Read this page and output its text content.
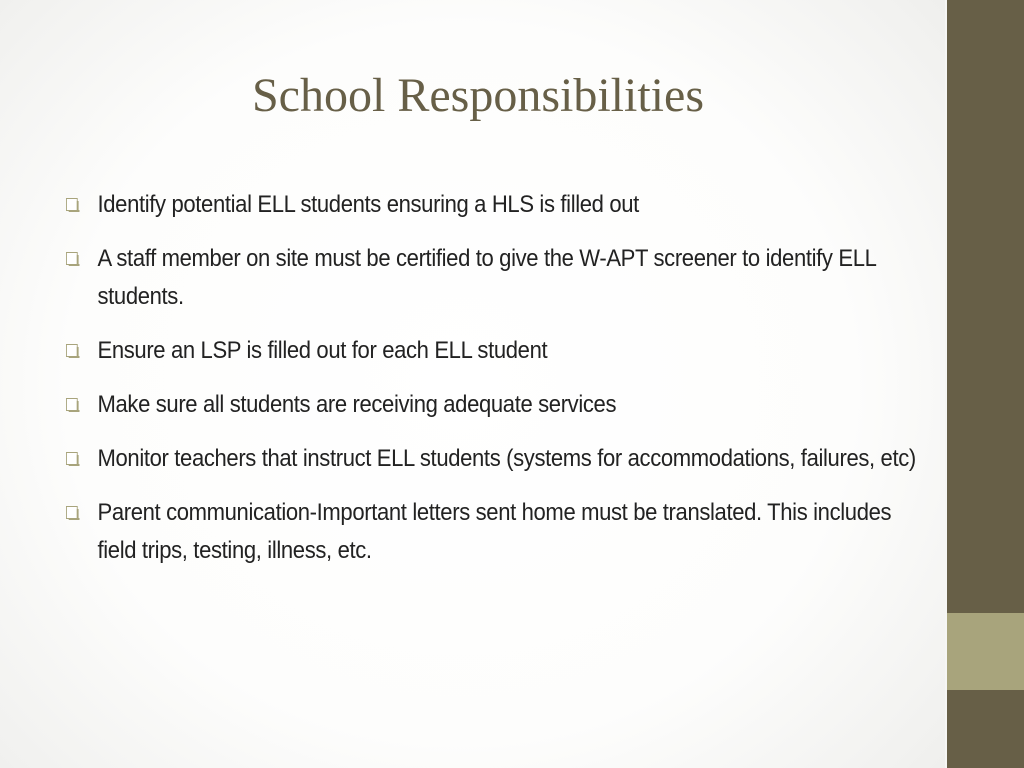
School Responsibilities
Identify potential ELL students ensuring a HLS is filled out
A staff member on site must be certified to give the W-APT screener to identify ELL students.
Ensure an LSP is filled out for each ELL student
Make sure all students are receiving adequate services
Monitor teachers that instruct ELL students (systems for accommodations, failures, etc)
Parent communication-Important letters sent home must be translated. This includes field trips, testing, illness, etc.
